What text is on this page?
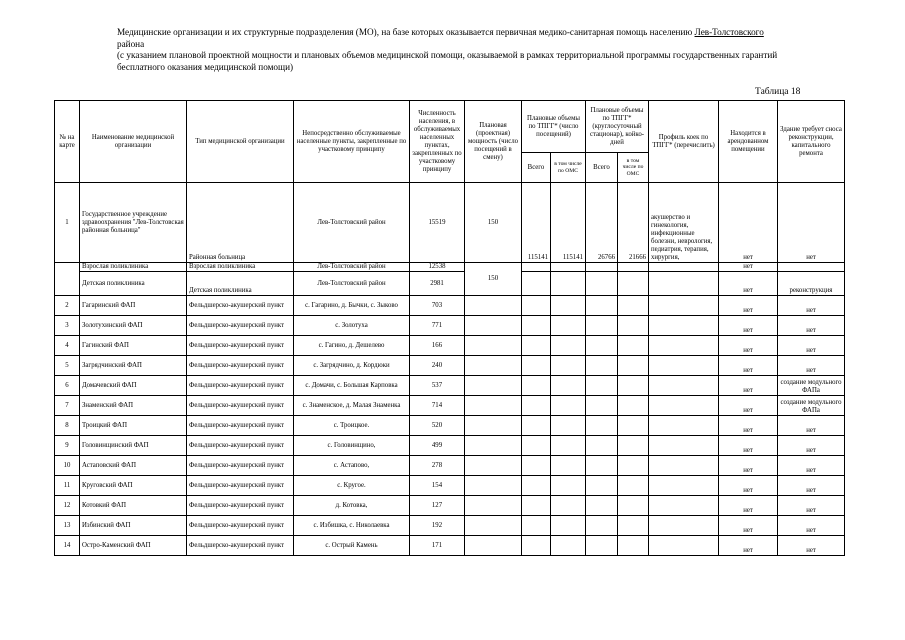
Медицинские организации и их структурные подразделения (МО), на базе которых оказывается первичная медико-санитарная помощь населению Лев-Толстовского района
(с указанием плановой проектной мощности и плановых объемов медицинской помощи, оказываемой в рамках территориальной программы государственных гарантий бесплатного оказания медицинской помощи)
Таблица 18
№ на карте	Наименование медицинской организации	Тип медицинской организации	Непосредственно обслуживаемые населенные пункты, закрепленные по участковому принципу	Численность населения, в обслуживаемых населенных пунктах, закрепленных по участковому принципу	Плановая (проектная) мощность (число посещений в смену)	Плановые объемы по ТПГГ* (число посещений)		Плановые объемы по ТПГГ* (круглосуточный стационар), койко-дней		Профиль коек по ТПГГ* (перечислить)	Находится в арендованном помещении	Здание требует сноса реконструкции, капитального ремонта
						Всего	в том числе по ОМС	Всего	в том числе по ОМС			
1	Государственное учреждение здравоохранения "Лев-Толстовская районная больница"	Районная больница	Лев-Толстовский район	15519	150	115141	115141	26766	21666	акушерство и гинекология, инфекционные болезни, неврология, педиатрия, терапия, хирургия,	нет	нет
	Взрослая поликлиника	Взрослая поликлиника	Лев-Толстовский район	12538	150						нет	
	Детская поликлиника	Детская поликлиника	Лев-Толстовский район	2981							нет	реконструкция
2	Гагаринский ФАП	Фельдшерско-акушерский пункт	с. Гагарино, д. Бычки, с. Зыково	703							нет	нет
3	Золотухинский ФАП	Фельдшерско-акушерский пункт	с. Золотуха	771							нет	нет
4	Гагинский ФАП	Фельдшерско-акушерский пункт	с. Гагино, д. Дешелево	166							нет	нет
5	Загрядчинский ФАП	Фельдшерско-акушерский пункт	с. Загрядчино, д. Кордюки	240							нет	нет
6	Домачевский ФАП	Фельдшерско-акушерский пункт	с. Домачи, с. Большая Карповка	537							нет	создание модульного ФАПа
7	Знаменский ФАП	Фельдшерско-акушерский пункт	с. Знаменское, д. Малая Знаменка	714							нет	создание модульного ФАПа
8	Троицкий ФАП	Фельдшерско-акушерский пункт	с. Троицкое.	520							нет	нет
9	Головинщинский ФАП	Фельдшерско-акушерский пункт	с. Головинщино,	499							нет	нет
10	Астаповский ФАП	Фельдшерско-акушерский пункт	с. Астапово,	278							нет	нет
11	Круговский ФАП	Фельдшерско-акушерский пункт	с. Кругое.	154							нет	нет
12	Котовкий ФАП	Фельдшерско-акушерский пункт	д. Котовка,	127							нет	нет
13	Избинский ФАП	Фельдшерско-акушерский пункт	с. Избишка, с. Николаевка	192							нет	нет
14	Остро-Каменский ФАП	Фельдшерско-акушерский пункт	с. Острый Камень	171							нет	нет
